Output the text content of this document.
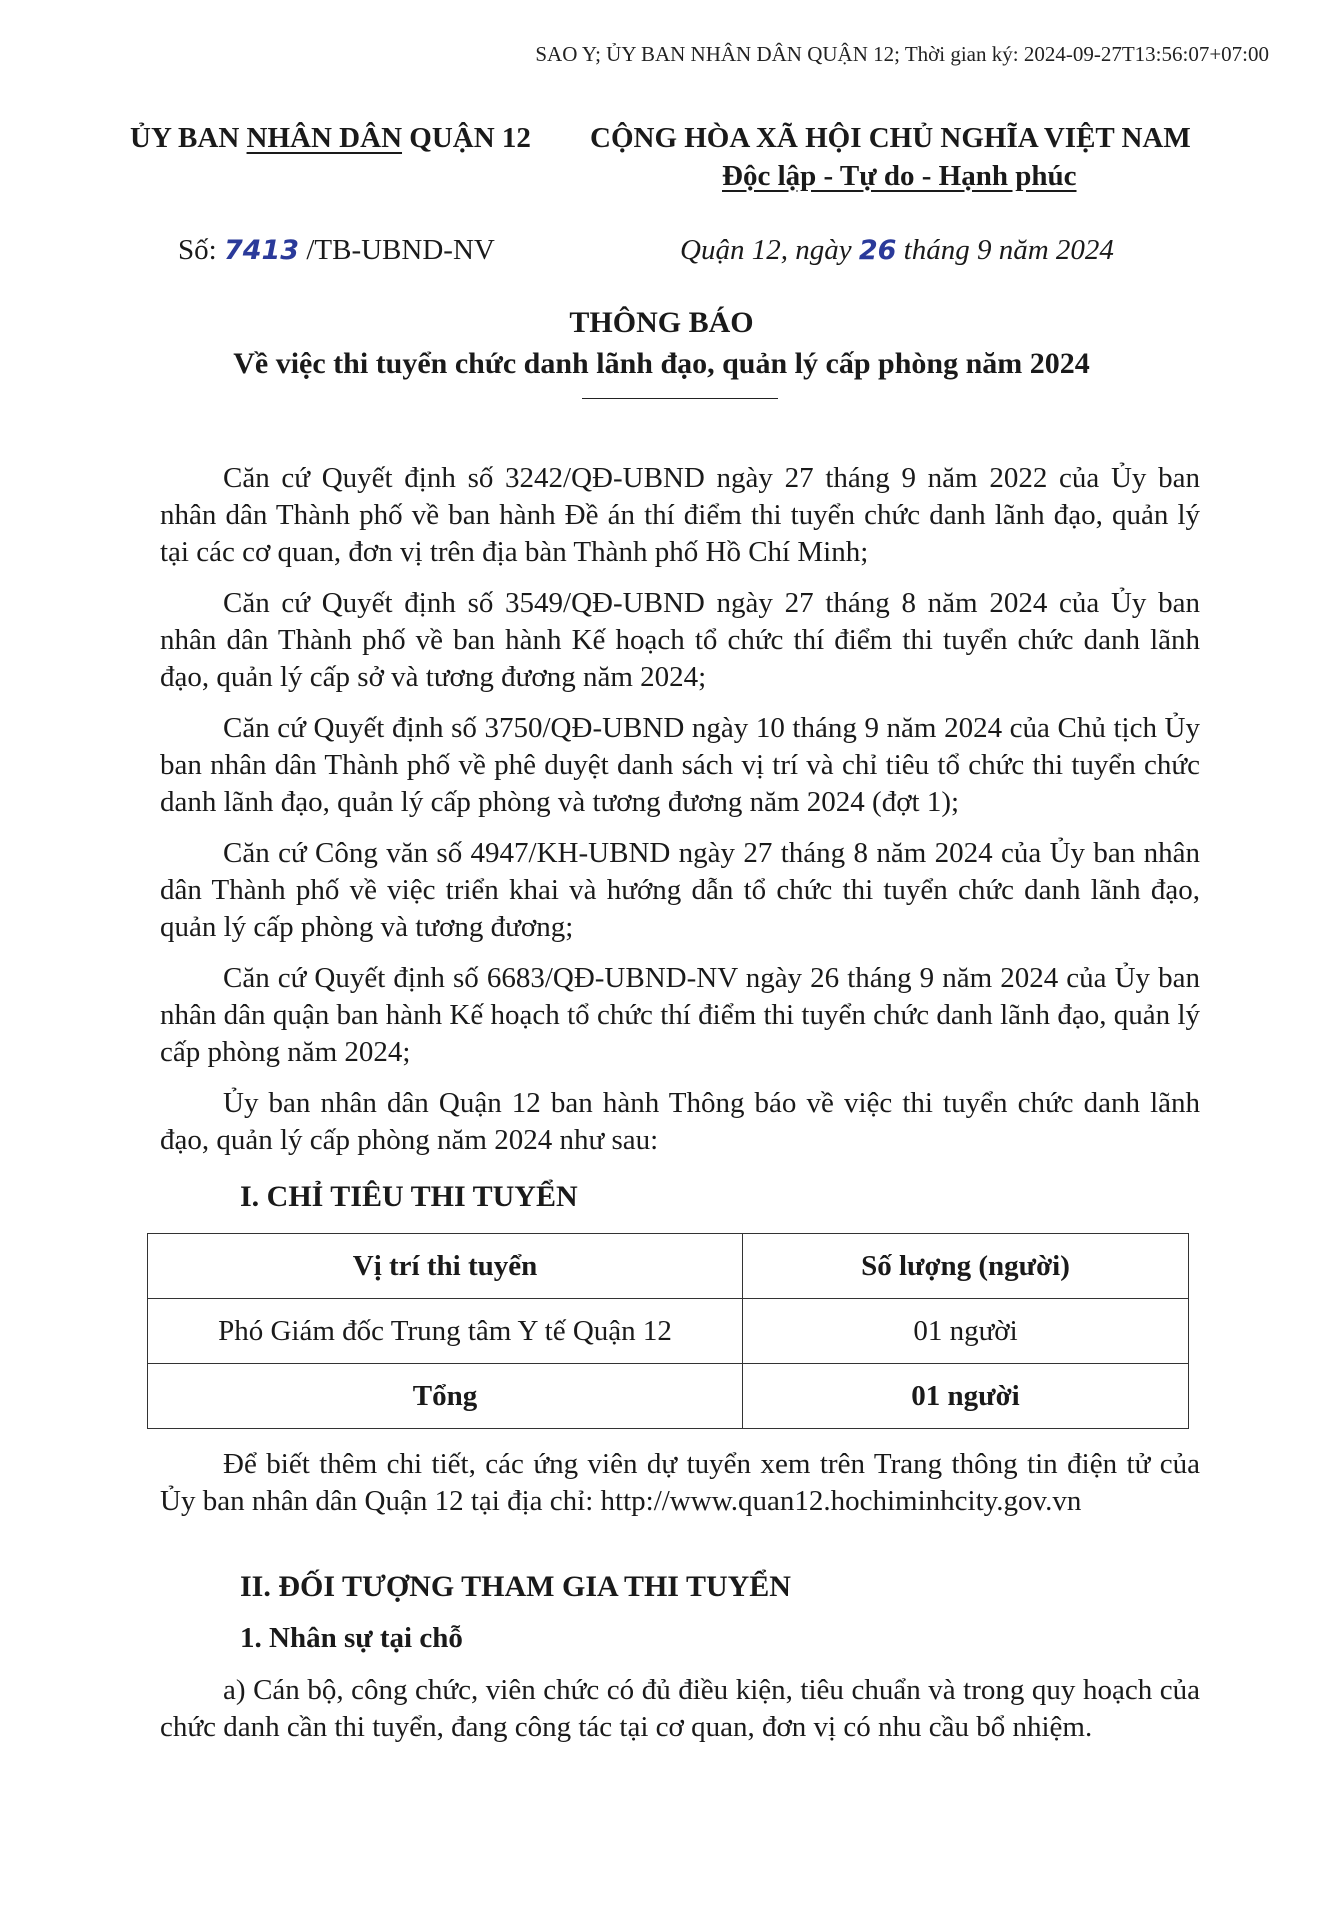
SAO Y; ỦY BAN NHÂN DÂN QUẬN 12; Thời gian ký: 2024-09-27T13:56:07+07:00
ỦY BAN NHÂN DÂN QUẬN 12 CỘNG HÒA XÃ HỘI CHỦ NGHĨA VIỆT NAM
Độc lập - Tự do - Hạnh phúc
Số: 7413 /TB-UBND-NV	Quận 12, ngày 26 tháng 9 năm 2024
THÔNG BÁO
Về việc thi tuyển chức danh lãnh đạo, quản lý cấp phòng năm 2024

Căn cứ Quyết định số 3242/QĐ-UBND ngày 27 tháng 9 năm 2022 của Ủy ban nhân dân Thành phố về ban hành Đề án thí điểm thi tuyển chức danh lãnh đạo, quản lý tại các cơ quan, đơn vị trên địa bàn Thành phố Hồ Chí Minh;

Căn cứ Quyết định số 3549/QĐ-UBND ngày 27 tháng 8 năm 2024 của Ủy ban nhân dân Thành phố về ban hành Kế hoạch tổ chức thí điểm thi tuyển chức danh lãnh đạo, quản lý cấp sở và tương đương năm 2024;

Căn cứ Quyết định số 3750/QĐ-UBND ngày 10 tháng 9 năm 2024 của Chủ tịch Ủy ban nhân dân Thành phố về phê duyệt danh sách vị trí và chỉ tiêu tổ chức thi tuyển chức danh lãnh đạo, quản lý cấp phòng và tương đương năm 2024 (đợt 1);

Căn cứ Công văn số 4947/KH-UBND ngày 27 tháng 8 năm 2024 của Ủy ban nhân dân Thành phố về việc triển khai và hướng dẫn tổ chức thi tuyển chức danh lãnh đạo, quản lý cấp phòng và tương đương;

Căn cứ Quyết định số 6683/QĐ-UBND-NV ngày 26 tháng 9 năm 2024 của Ủy ban nhân dân quận ban hành Kế hoạch tổ chức thí điểm thi tuyển chức danh lãnh đạo, quản lý cấp phòng năm 2024;

Ủy ban nhân dân Quận 12 ban hành Thông báo về việc thi tuyển chức danh lãnh đạo, quản lý cấp phòng năm 2024 như sau:

I. CHỈ TIÊU THI TUYỂN
Vị trí thi tuyển	Số lượng (người)
Phó Giám đốc Trung tâm Y tế Quận 12	01 người
Tổng	01 người

Để biết thêm chi tiết, các ứng viên dự tuyển xem trên Trang thông tin điện tử của Ủy ban nhân dân Quận 12 tại địa chỉ: http://www.quan12.hochiminhcity.gov.vn

II. ĐỐI TƯỢNG THAM GIA THI TUYỂN
1. Nhân sự tại chỗ

a) Cán bộ, công chức, viên chức có đủ điều kiện, tiêu chuẩn và trong quy hoạch của chức danh cần thi tuyển, đang công tác tại cơ quan, đơn vị có nhu cầu bổ nhiệm.
